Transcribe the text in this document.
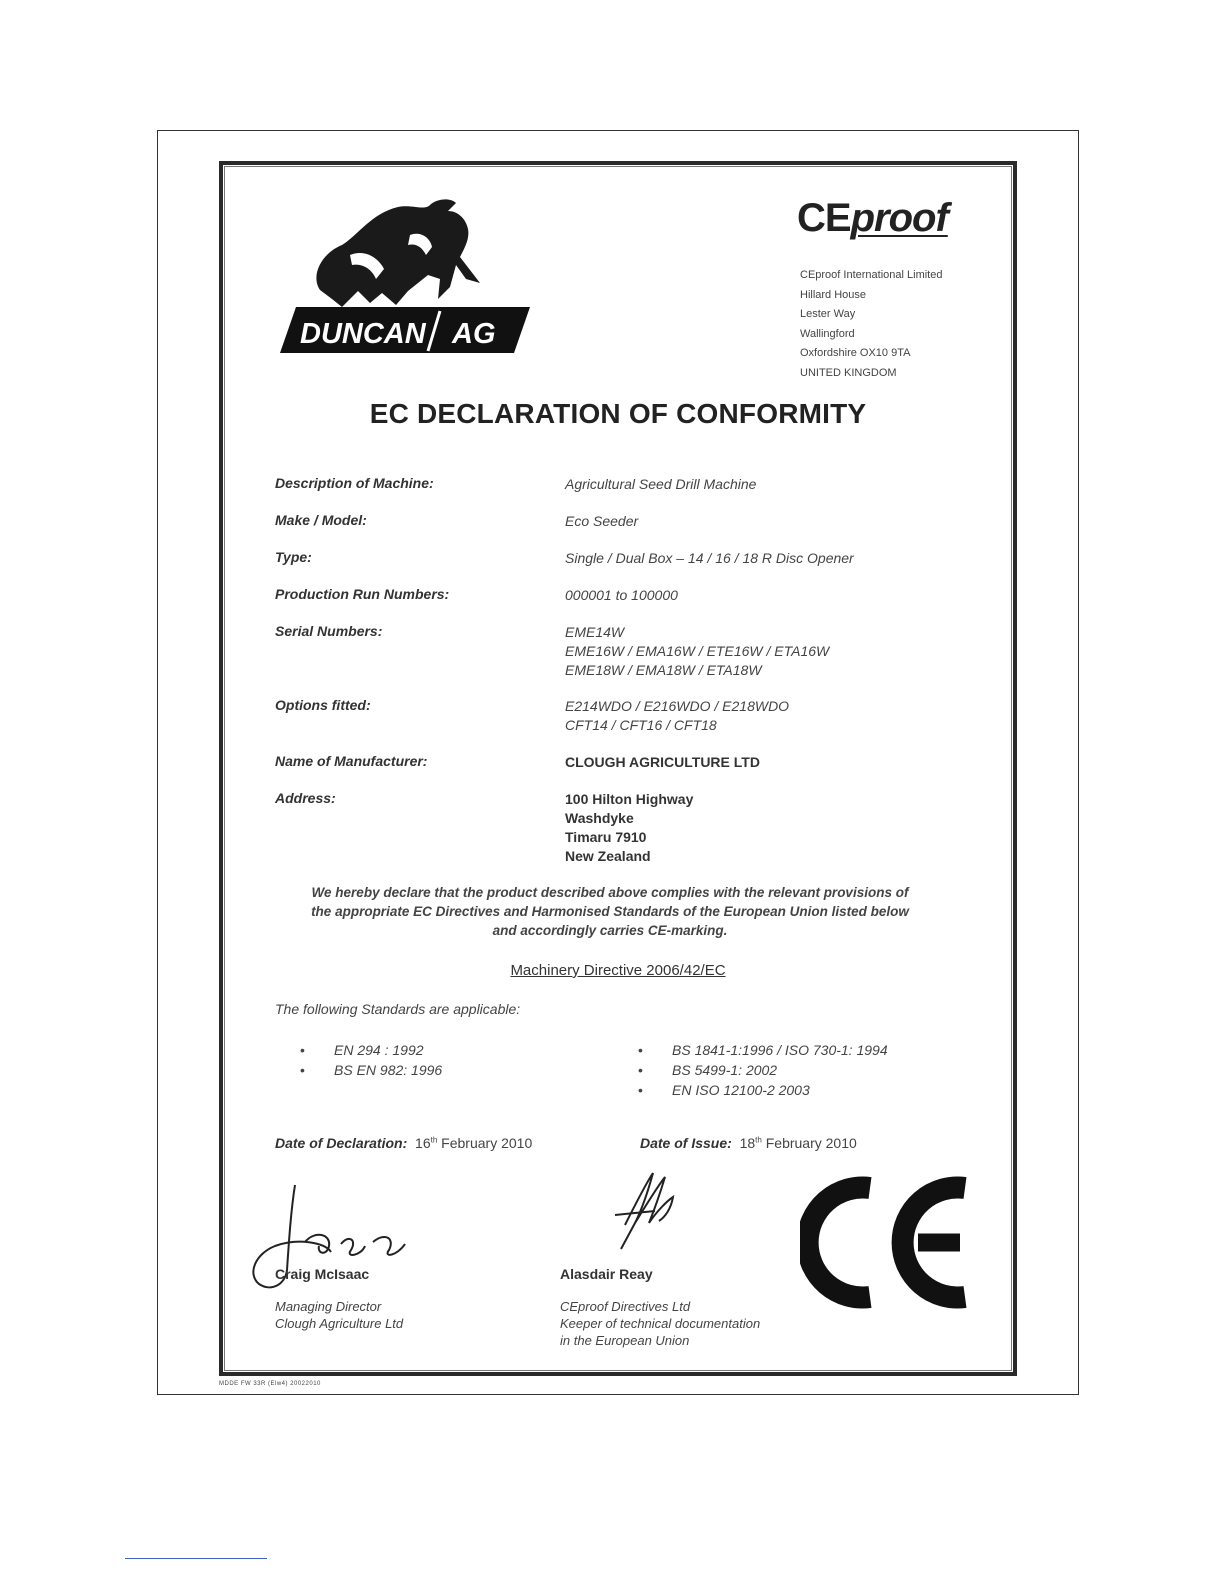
DUNCAN AG
CEproof
CEproof International Limited
Hillard House
Lester Way
Wallingford
Oxfordshire OX10 9TA
UNITED KINGDOM
EC DECLARATION OF CONFORMITY
Description of Machine:	Agricultural Seed Drill Machine
Make / Model:	Eco Seeder
Type:	Single / Dual Box – 14 / 16 / 18 R Disc Opener
Production Run Numbers:	000001 to 100000
Serial Numbers:	EME14W
EME16W / EMA16W / ETE16W / ETA16W
EME18W / EMA18W / ETA18W
Options fitted:	E214WDO / E216WDO / E218WDO
CFT14 / CFT16 / CFT18
Name of Manufacturer:	CLOUGH AGRICULTURE LTD
Address:	100 Hilton Highway
Washdyke
Timaru 7910
New Zealand
We hereby declare that the product described above complies with the relevant provisions of
the appropriate EC Directives and Harmonised Standards of the European Union listed below
and accordingly carries CE-marking.
Machinery Directive 2006/42/EC
The following Standards are applicable:
• EN 294 : 1992
• BS EN 982: 1996
• BS 1841-1:1996 / ISO 730-1: 1994
• BS 5499-1: 2002
• EN ISO 12100-2 2003
Date of Declaration: 16th February 2010	Date of Issue: 18th February 2010
Craig McIsaac
Managing Director
Clough Agriculture Ltd
Alasdair Reay
CEproof Directives Ltd
Keeper of technical documentation
in the European Union
MDDE FW 33R (Elw4) 20022010
